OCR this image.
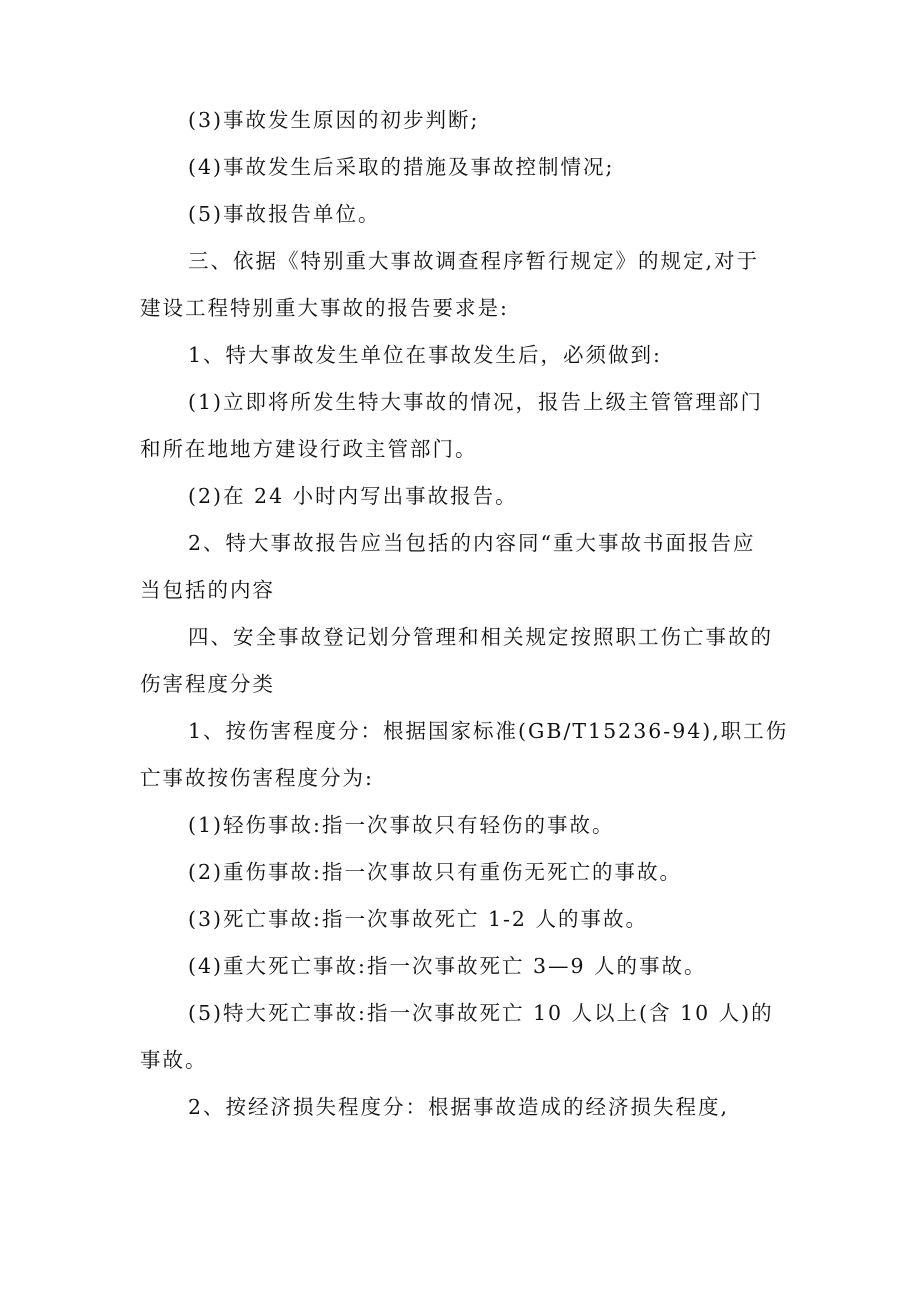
(3)事故发生原因的初步判断;

(4)事故发生后采取的措施及事故控制情况;

(5)事故报告单位。

三、依据《特别重大事故调查程序暂行规定》的规定,对于
建设工程特别重大事故的报告要求是:

1、特大事故发生单位在事故发生后，必须做到:

(1)立即将所发生特大事故的情况，报告上级主管管理部门
和所在地地方建设行政主管部门。

(2)在 24 小时内写出事故报告。

2、特大事故报告应当包括的内容同“重大事故书面报告应
当包括的内容
四、安全事故登记划分管理和相关规定按照职工伤亡事故的
伤害程度分类
1、按伤害程度分：根据国家标准(GB/T15236-94),职工伤
亡事故按伤害程度分为:

(1)轻伤事故:指一次事故只有轻伤的事故。

(2)重伤事故:指一次事故只有重伤无死亡的事故。

(3)死亡事故:指一次事故死亡 1-2 人的事故。

(4)重大死亡事故:指一次事故死亡 3—9 人的事故。

(5)特大死亡事故:指一次事故死亡 10 人以上(含 10 人)的
事故。

2、按经济损失程度分：根据事故造成的经济损失程度,
